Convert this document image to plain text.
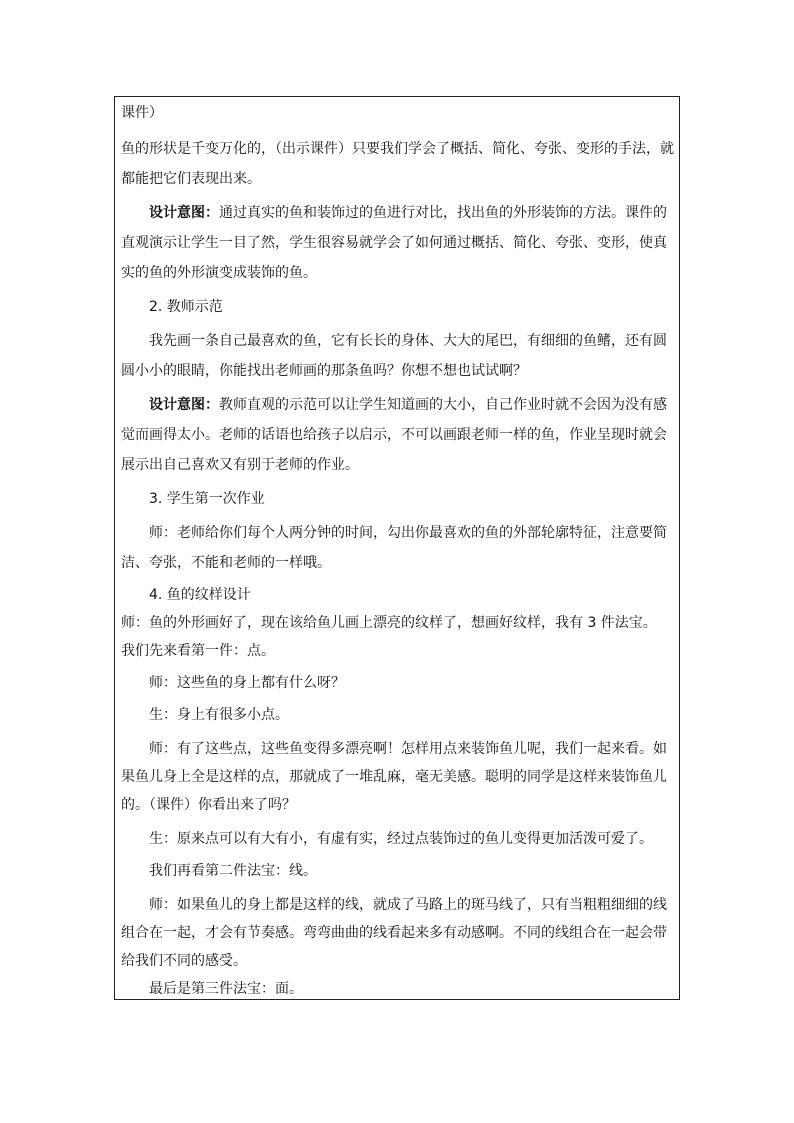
课件）
鱼的形状是千变万化的，（出示课件）只要我们学会了概括、简化、夸张、变形的手法，就
都能把它们表现出来。
设计意图：通过真实的鱼和装饰过的鱼进行对比，找出鱼的外形装饰的方法。课件的
直观演示让学生一目了然，学生很容易就学会了如何通过概括、简化、夸张、变形，使真
实的鱼的外形演变成装饰的鱼。
2. 教师示范
我先画一条自己最喜欢的鱼，它有长长的身体、大大的尾巴，有细细的鱼鳍，还有圆
圆小小的眼睛，你能找出老师画的那条鱼吗？你想不想也试试啊？
设计意图：教师直观的示范可以让学生知道画的大小，自己作业时就不会因为没有感
觉而画得太小。老师的话语也给孩子以启示，不可以画跟老师一样的鱼，作业呈现时就会
展示出自己喜欢又有别于老师的作业。
3. 学生第一次作业
师：老师给你们每个人两分钟的时间，勾出你最喜欢的鱼的外部轮廓特征，注意要简
洁、夸张，不能和老师的一样哦。
4. 鱼的纹样设计
师：鱼的外形画好了，现在该给鱼儿画上漂亮的纹样了，想画好纹样，我有 3 件法宝。
我们先来看第一件：点。
师：这些鱼的身上都有什么呀？
生：身上有很多小点。
师：有了这些点，这些鱼变得多漂亮啊！怎样用点来装饰鱼儿呢，我们一起来看。如
果鱼儿身上全是这样的点，那就成了一堆乱麻，毫无美感。聪明的同学是这样来装饰鱼儿
的。（课件）你看出来了吗？
生：原来点可以有大有小，有虚有实，经过点装饰过的鱼儿变得更加活泼可爱了。
我们再看第二件法宝：线。
师：如果鱼儿的身上都是这样的线，就成了马路上的斑马线了，只有当粗粗细细的线
组合在一起，才会有节奏感。弯弯曲曲的线看起来多有动感啊。不同的线组合在一起会带
给我们不同的感受。
最后是第三件法宝：面。
